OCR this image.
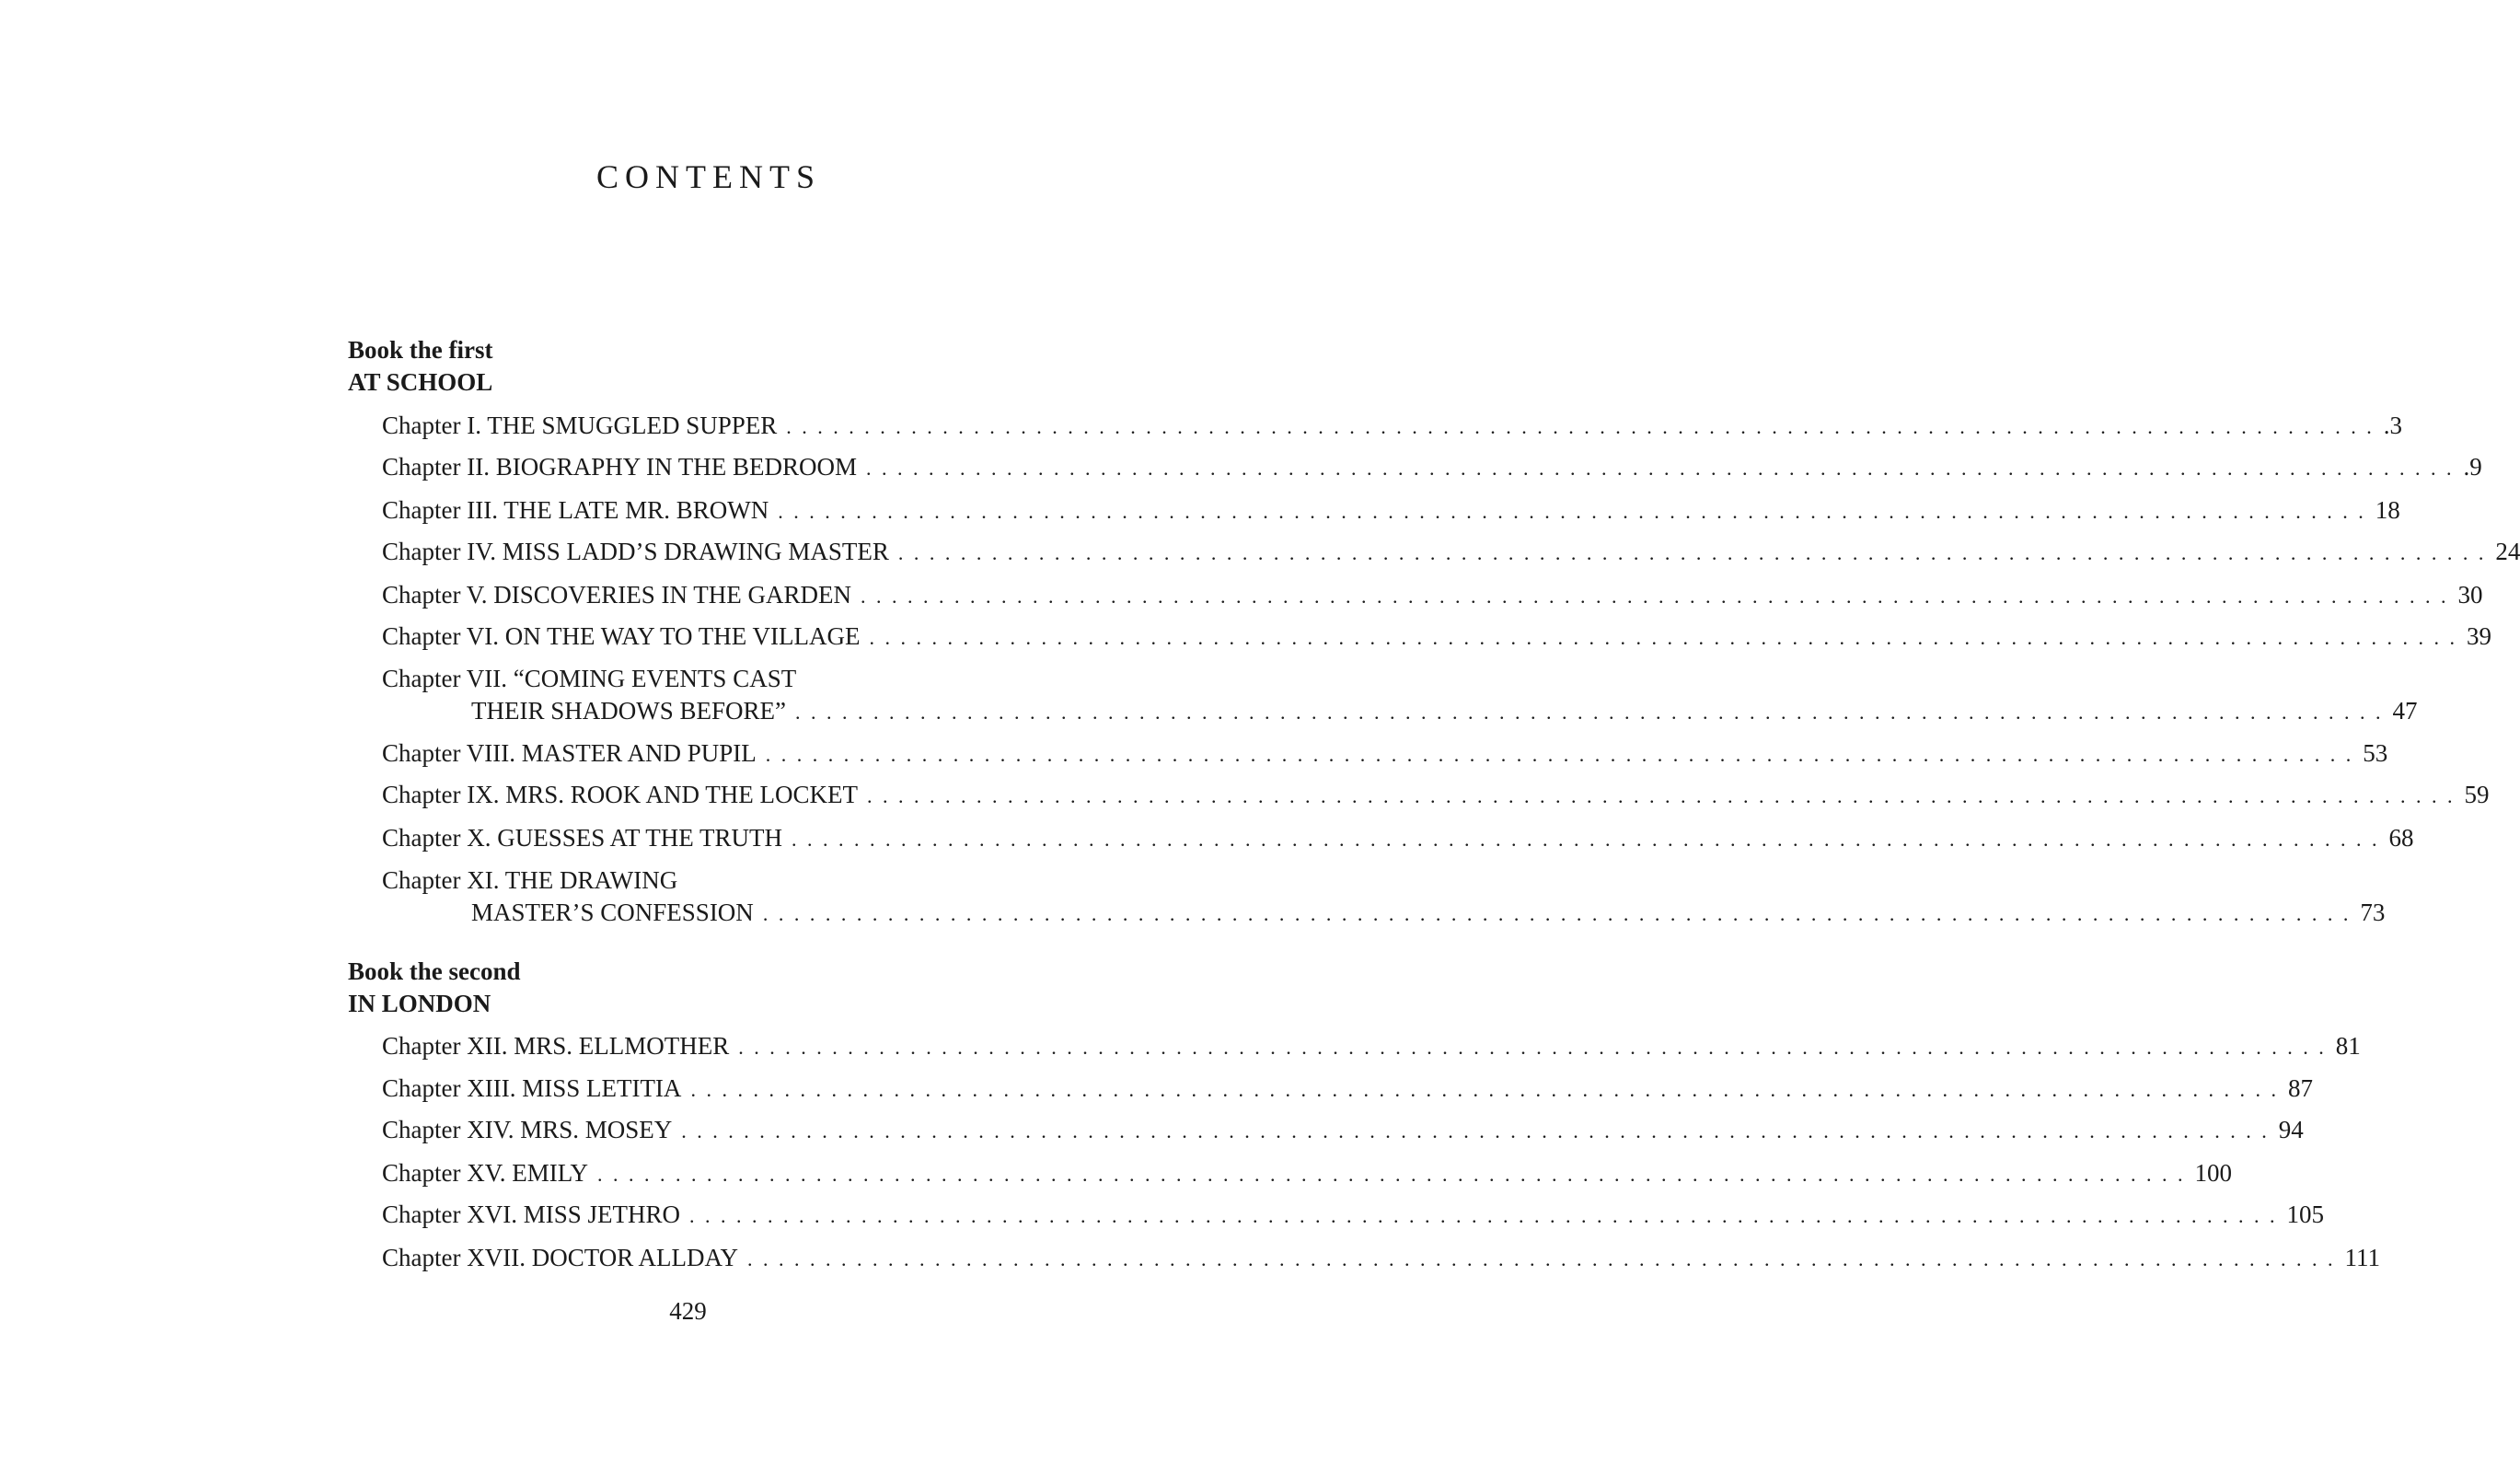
CONTENTS
Book the first
AT SCHOOL
Chapter I. THE SMUGGLED SUPPER . . . . . . . . . . . . . . . . . . . . . . . . . . . . . . . . . . . . . . . . . . . . . . . . . . . . . . . . . . . . . . . . . . . . . . . . . . . . . . . . . . . . . . . . . . . . . . . . . . . . . . .3
Chapter II. BIOGRAPHY IN THE BEDROOM . . . . . . . . . . . . . . . . . . . . . . . . . . . . . . . . . . . . . . . . . . . . . . . . . . . . . . . . . . . . . . . . . . . . . . . . . . . . . . . . . . . . . . . . . . . . . . . . . . . . . . .9
Chapter III. THE LATE MR. BROWN . . . . . . . . . . . . . . . . . . . . . . . . . . . . . . . . . . . . . . . . . . . . . . . . . . . . . . . . . . . . . . . . . . . . . . . . . . . . . . . . . . . . . . . . . . . . . . . . . . . . . . 18
Chapter IV. MISS LADD’S DRAWING MASTER . . . . . . . . . . . . . . . . . . . . . . . . . . . . . . . . . . . . . . . . . . . . . . . . . . . . . . . . . . . . . . . . . . . . . . . . . . . . . . . . . . . . . . . . . . . . . . . . . . . . . . 24
Chapter V. DISCOVERIES IN THE GARDEN . . . . . . . . . . . . . . . . . . . . . . . . . . . . . . . . . . . . . . . . . . . . . . . . . . . . . . . . . . . . . . . . . . . . . . . . . . . . . . . . . . . . . . . . . . . . . . . . . . . . . . 30
Chapter VI. ON THE WAY TO THE VILLAGE . . . . . . . . . . . . . . . . . . . . . . . . . . . . . . . . . . . . . . . . . . . . . . . . . . . . . . . . . . . . . . . . . . . . . . . . . . . . . . . . . . . . . . . . . . . . . . . . . . . . . . 39
Chapter VII. “COMING EVENTS CAST
THEIR SHADOWS BEFORE” . . . . . . . . . . . . . . . . . . . . . . . . . . . . . . . . . . . . . . . . . . . . . . . . . . . . . . . . . . . . . . . . . . . . . . . . . . . . . . . . . . . . . . . . . . . . . . . . . . . . . . 47
Chapter VIII. MASTER AND PUPIL . . . . . . . . . . . . . . . . . . . . . . . . . . . . . . . . . . . . . . . . . . . . . . . . . . . . . . . . . . . . . . . . . . . . . . . . . . . . . . . . . . . . . . . . . . . . . . . . . . . . . . 53
Chapter IX. MRS. ROOK AND THE LOCKET . . . . . . . . . . . . . . . . . . . . . . . . . . . . . . . . . . . . . . . . . . . . . . . . . . . . . . . . . . . . . . . . . . . . . . . . . . . . . . . . . . . . . . . . . . . . . . . . . . . . . . 59
Chapter X. GUESSES AT THE TRUTH . . . . . . . . . . . . . . . . . . . . . . . . . . . . . . . . . . . . . . . . . . . . . . . . . . . . . . . . . . . . . . . . . . . . . . . . . . . . . . . . . . . . . . . . . . . . . . . . . . . . . . 68
Chapter XI. THE DRAWING
MASTER’S CONFESSION . . . . . . . . . . . . . . . . . . . . . . . . . . . . . . . . . . . . . . . . . . . . . . . . . . . . . . . . . . . . . . . . . . . . . . . . . . . . . . . . . . . . . . . . . . . . . . . . . . . . . . 73
Book the second
IN LONDON
Chapter XII. MRS. ELLMOTHER . . . . . . . . . . . . . . . . . . . . . . . . . . . . . . . . . . . . . . . . . . . . . . . . . . . . . . . . . . . . . . . . . . . . . . . . . . . . . . . . . . . . . . . . . . . . . . . . . . . . . . 81
Chapter XIII. MISS LETITIA . . . . . . . . . . . . . . . . . . . . . . . . . . . . . . . . . . . . . . . . . . . . . . . . . . . . . . . . . . . . . . . . . . . . . . . . . . . . . . . . . . . . . . . . . . . . . . . . . . . . . . 87
Chapter XIV. MRS. MOSEY . . . . . . . . . . . . . . . . . . . . . . . . . . . . . . . . . . . . . . . . . . . . . . . . . . . . . . . . . . . . . . . . . . . . . . . . . . . . . . . . . . . . . . . . . . . . . . . . . . . . . . 94
Chapter XV. EMILY . . . . . . . . . . . . . . . . . . . . . . . . . . . . . . . . . . . . . . . . . . . . . . . . . . . . . . . . . . . . . . . . . . . . . . . . . . . . . . . . . . . . . . . . . . . . . . . . . . . . . . 100
Chapter XVI. MISS JETHRO . . . . . . . . . . . . . . . . . . . . . . . . . . . . . . . . . . . . . . . . . . . . . . . . . . . . . . . . . . . . . . . . . . . . . . . . . . . . . . . . . . . . . . . . . . . . . . . . . . . . . . 105
Chapter XVII. DOCTOR ALLDAY . . . . . . . . . . . . . . . . . . . . . . . . . . . . . . . . . . . . . . . . . . . . . . . . . . . . . . . . . . . . . . . . . . . . . . . . . . . . . . . . . . . . . . . . . . . . . . . . . . . . . . 111
429
